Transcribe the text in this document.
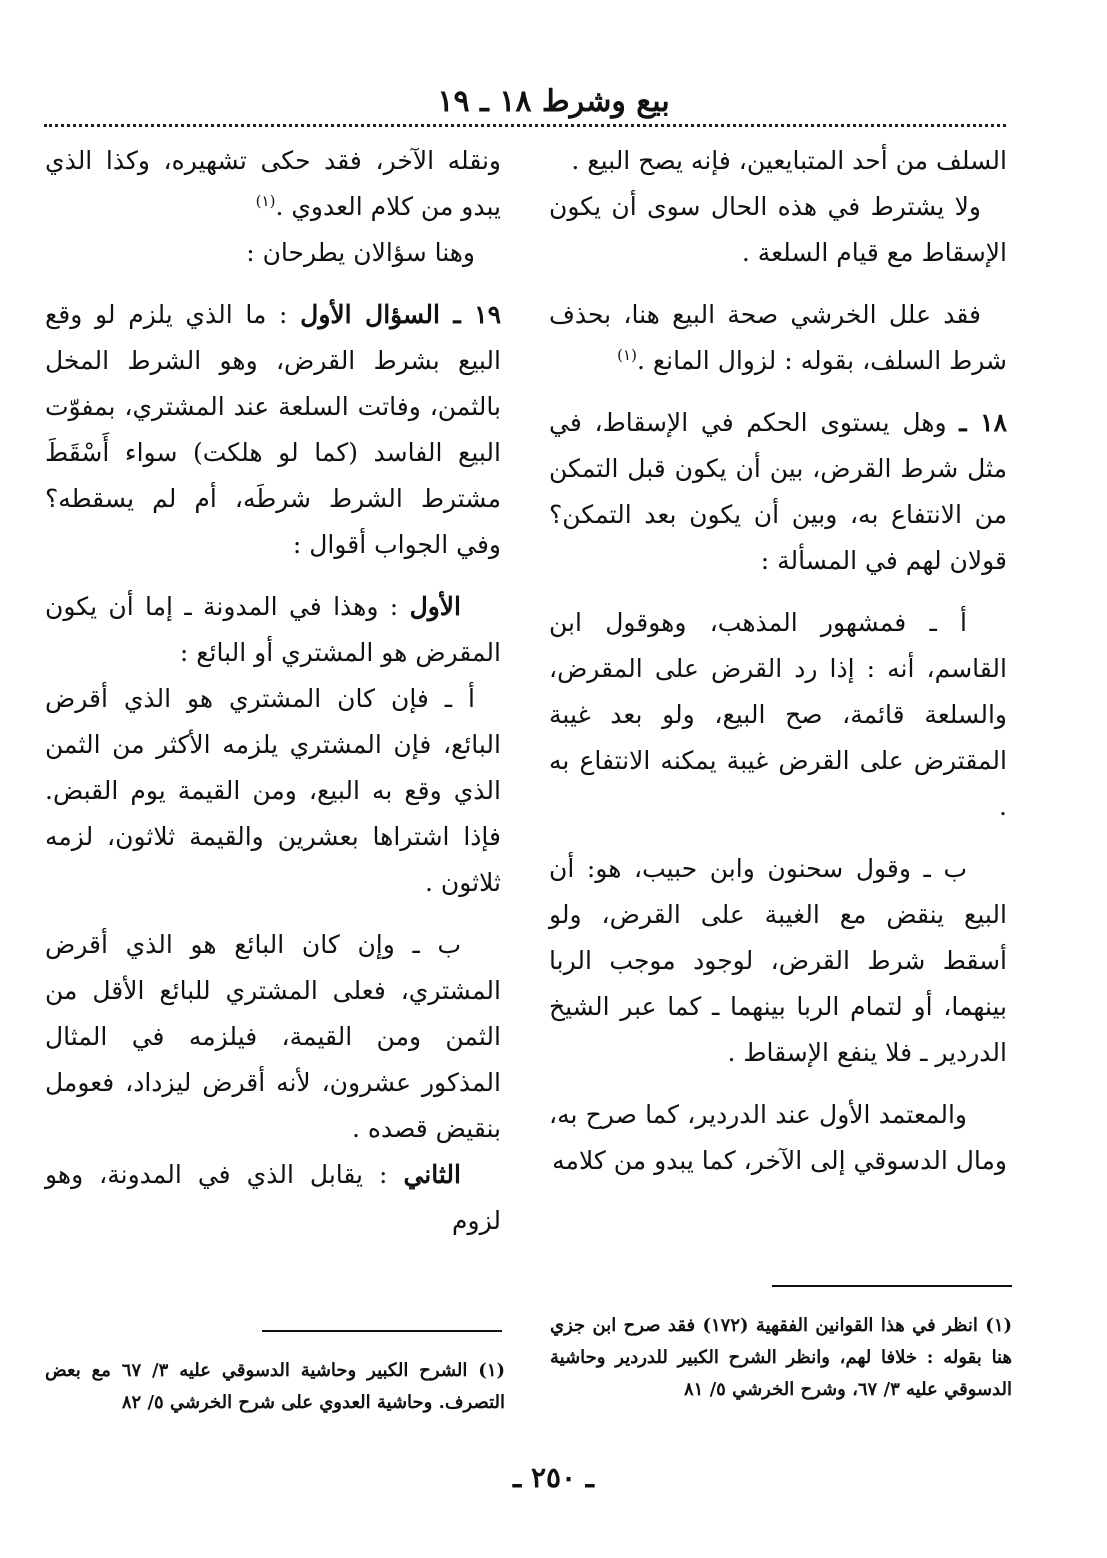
بيع وشرط ١٨ ـ ١٩

السلف من أحد المتبايعين، فإنه يصح البيع .

ولا يشترط في هذه الحال سوى أن يكون الإسقاط مع قيام السلعة .

فقد علل الخرشي صحة البيع هنا، بحذف شرط السلف، بقوله : لزوال المانع .$^{(١)}$

١٨ ـ وهل يستوى الحكم في الإسقاط، في مثل شرط القرض، بين أن يكون قبل التمكن من الانتفاع به، وبين أن يكون بعد التمكن؟ قولان لهم في المسألة :

أ ـ فمشهور المذهب، وهوقول ابن القاسم، أنه : إذا رد القرض على المقرض، والسلعة قائمة، صح البيع، ولو بعد غيبة المقترض على القرض غيبة يمكنه الانتفاع به .

ب ـ وقول سحنون وابن حبيب، هو: أن البيع ينقض مع الغيبة على القرض، ولو أسقط شرط القرض، لوجود موجب الربا بينهما، أو لتمام الربا بينهما ـ كما عبر الشيخ الدردير ـ فلا ينفع الإسقاط .

والمعتمد الأول عند الدردير، كما صرح به، ومال الدسوقي إلى الآخر، كما يبدو من كلامه

ونقله الآخر، فقد حكى تشهيره، وكذا الذي يبدو من كلام العدوي .$^{(١)}$

وهنا سؤالان يطرحان :

١٩ ـ السؤال الأول : ما الذي يلزم لو وقع البيع بشرط القرض، وهو الشرط المخل بالثمن، وفاتت السلعة عند المشتري، بمفوّت البيع الفاسد (كما لو هلكت) سواء أَسْقَطَ مشترط الشرط شرطَه، أم لم يسقطه؟ وفي الجواب أقوال :

الأول : وهذا في المدونة ـ إما أن يكون المقرض هو المشتري أو البائع :

أ ـ فإن كان المشتري هو الذي أقرض البائع، فإن المشتري يلزمه الأكثر من الثمن الذي وقع به البيع، ومن القيمة يوم القبض. فإذا اشتراها بعشرين والقيمة ثلاثون، لزمه ثلاثون .

ب ـ وإن كان البائع هو الذي أقرض المشتري، فعلى المشتري للبائع الأقل من الثمن ومن القيمة، فيلزمه في المثال المذكور عشرون، لأنه أقرض ليزداد، فعومل بنقيض قصده .

الثاني : يقابل الذي في المدونة، وهو لزوم

(١) انظر في هذا القوانين الفقهية (١٧٢) فقد صرح ابن جزي هنا بقوله : خلافا لهم، وانظر الشرح الكبير للدردير وحاشية الدسوقي عليه ٣/ ٦٧، وشرح الخرشي ٥/ ٨١
(١) الشرح الكبير وحاشية الدسوقي عليه ٣/ ٦٧ مع بعض التصرف. وحاشية العدوي على شرح الخرشي ٥/ ٨٢
ـ ٢٥٠ ـ
